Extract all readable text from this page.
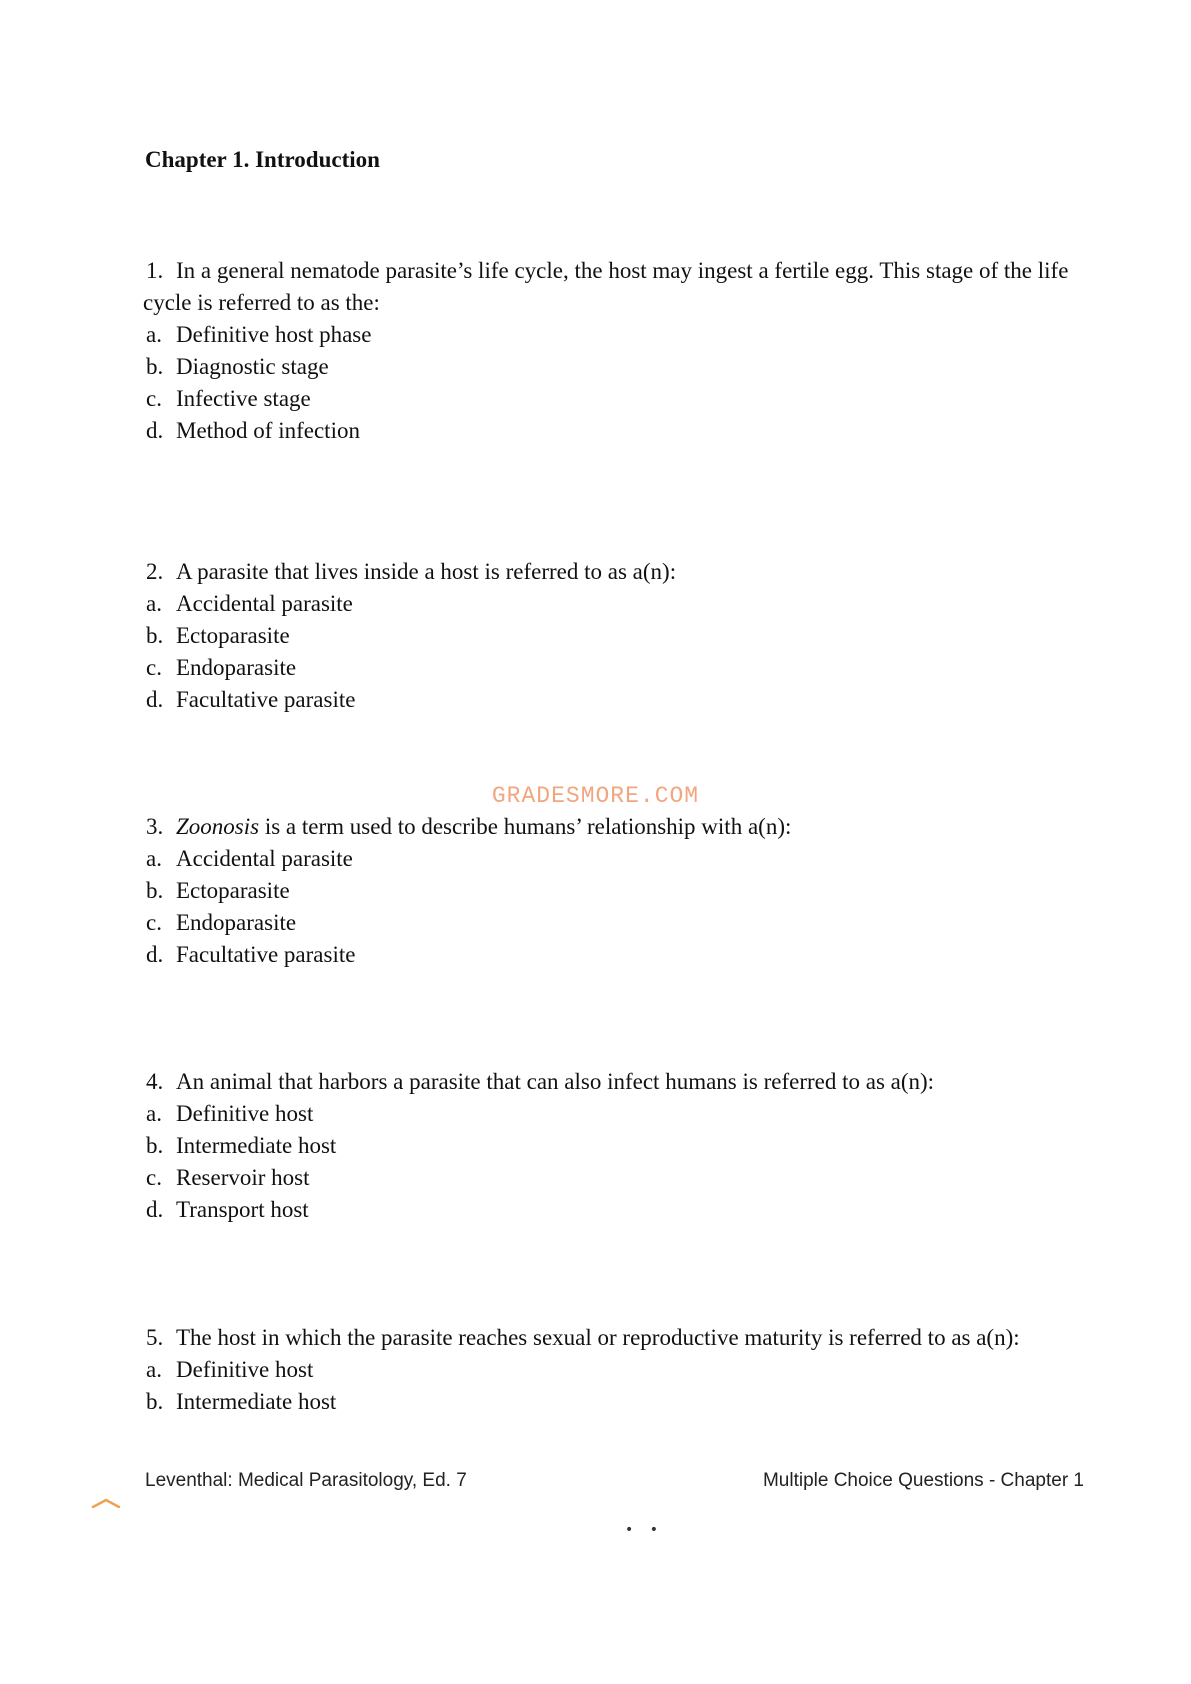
Chapter 1. Introduction

1. In a general nematode parasite’s life cycle, the host may ingest a fertile egg. This stage of the life cycle is referred to as the:

a. Definitive host phase
b. Diagnostic stage
c. Infective stage
d. Method of infection

2. A parasite that lives inside a host is referred to as a(n):

a. Accidental parasite
b. Ectoparasite
c. Endoparasite
d. Facultative parasite
GRADESMORE.COM

3. Zoonosis is a term used to describe humans’ relationship with a(n):

a. Accidental parasite
b. Ectoparasite
c. Endoparasite
d. Facultative parasite

4. An animal that harbors a parasite that can also infect humans is referred to as a(n):

a. Definitive host
b. Intermediate host
c. Reservoir host
d. Transport host

5. The host in which the parasite reaches sexual or reproductive maturity is referred to as a(n):

a. Definitive host
b. Intermediate host
Leventhal: Medical Parasitology, Ed. 7	Multiple Choice Questions - Chapter 1
• •
